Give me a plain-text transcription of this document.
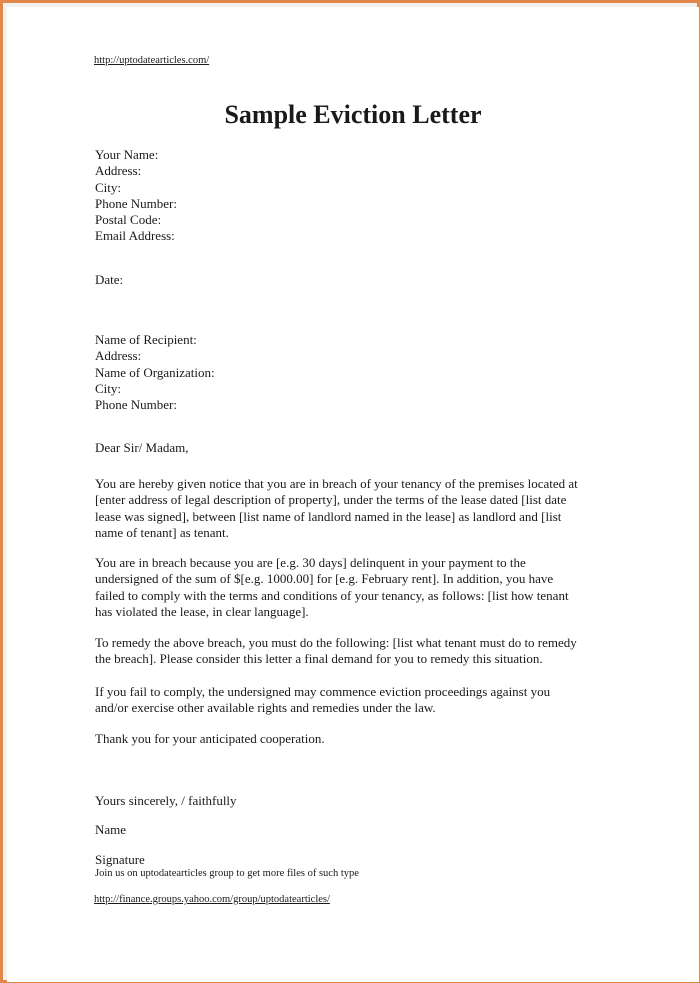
http://uptodatearticles.com/
Sample Eviction Letter
Your Name:
Address:
City:
Phone Number:
Postal Code:
Email Address:
Date:
Name of Recipient:
Address:
Name of Organization:
City:
Phone Number:
Dear Sir/ Madam,
You are hereby given notice that you are in breach of your tenancy of the premises located at
[enter address of legal description of property], under the terms of the lease dated [list date
lease was signed], between [list name of landlord named in the lease] as landlord and [list
name of tenant] as tenant.
You are in breach because you are [e.g. 30 days] delinquent in your payment to the
undersigned of the sum of $[e.g. 1000.00] for [e.g. February rent]. In addition, you have
failed to comply with the terms and conditions of your tenancy, as follows: [list how tenant
has violated the lease, in clear language].
To remedy the above breach, you must do the following: [list what tenant must do to remedy
the breach]. Please consider this letter a final demand for you to remedy this situation.
If you fail to comply, the undersigned may commence eviction proceedings against you
and/or exercise other available rights and remedies under the law.
Thank you for your anticipated cooperation.
Yours sincerely, / faithfully
Name
Signature
Join us on uptodatearticles group to get more files of such type
http://finance.groups.yahoo.com/group/uptodatearticles/
